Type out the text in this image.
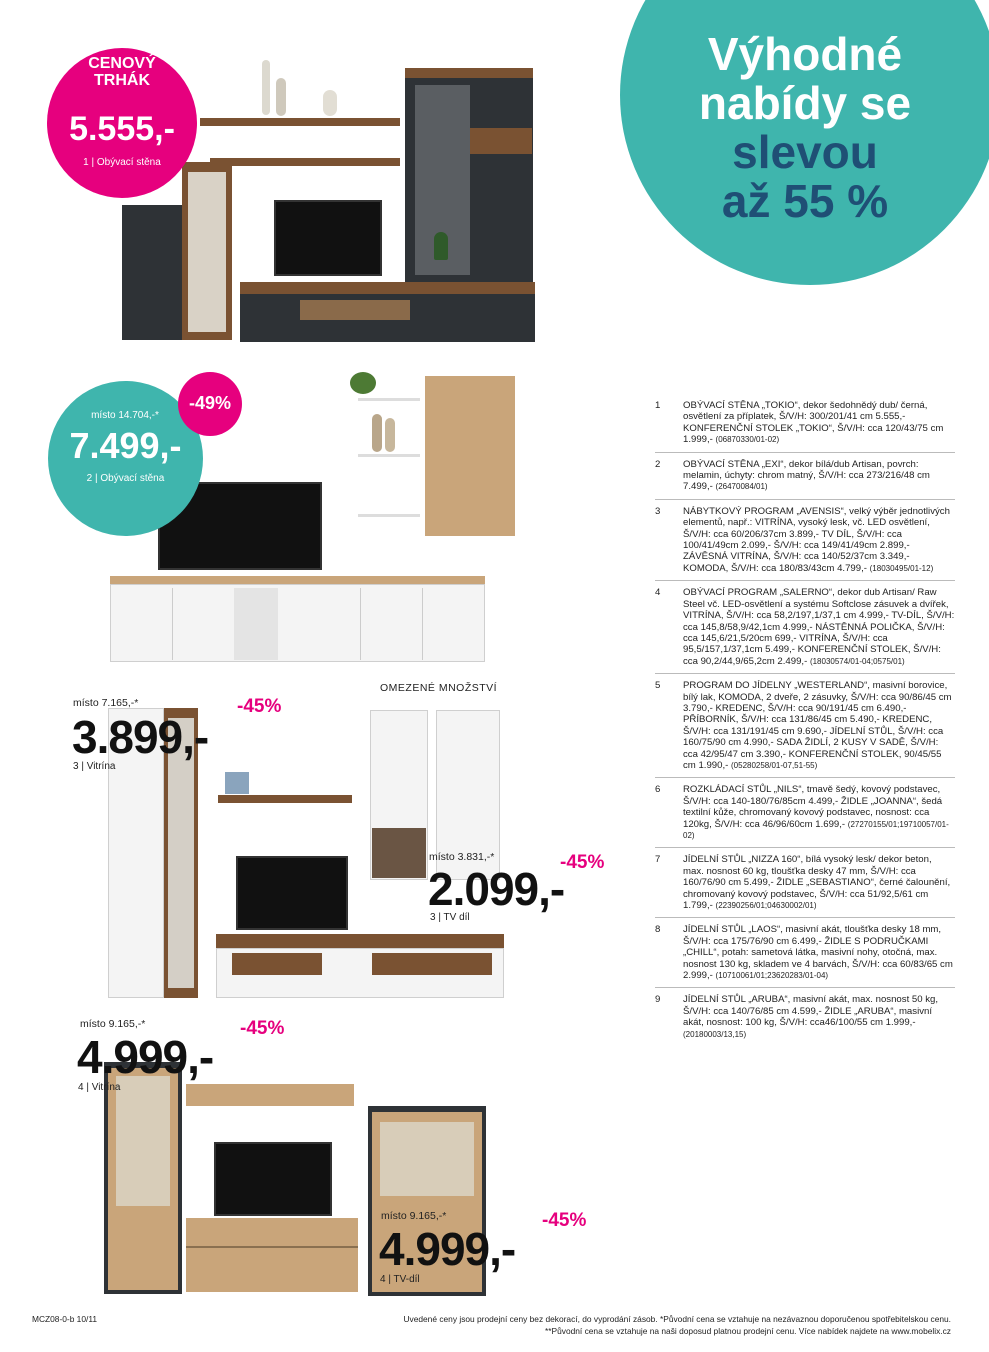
Výhodné
nabídy se
slevou
až 55 %
CENOVÝ
TRHÁK
5.555,-
1 | Obývací stěna
místo 14.704,-*
7.499,-
2 | Obývací stěna
-49%
místo 7.165,-*
3.899,-
3 | Vitrína
-45%
OMEZENÉ MNOŽSTVÍ
místo 3.831,-*
2.099,-
3 | TV díl
-45%
místo 9.165,-*
4.999,-
4 | Vitrína
-45%
místo 9.165,-*
4.999,-
4 | TV-díl
-45%
1 OBÝVACÍ STĚNA „TOKIO“, dekor šedohnědý dub/ černá, osvětlení za příplatek, Š/V/H: 300/201/41 cm 5.555,- KONFERENČNÍ STOLEK „TOKIO“, Š/V/H: cca 120/43/75 cm 1.999,- (06870330/01-02)
2 OBÝVACÍ STĚNA „EXI“, dekor bílá/dub Artisan, povrch: melamin, úchyty: chrom matný, Š/V/H: cca 273/216/48 cm 7.499,- (26470084/01)
3 NÁBYTKOVÝ PROGRAM „AVENSIS“, velký výběr jednotlivých elementů, např.: VITRÍNA, vysoký lesk, vč. LED osvětlení, Š/V/H: cca 60/206/37cm 3.899,- TV DÍL, Š/V/H: cca 100/41/49cm 2.099,- Š/V/H: cca 149/41/49cm 2.899,- ZÁVĚSNÁ VITRÍNA, Š/V/H: cca 140/52/37cm 3.349,- KOMODA, Š/V/H: cca 180/83/43cm 4.799,- (18030495/01-12)
4 OBÝVACÍ PROGRAM „SALERNO“, dekor dub Artisan/ Raw Steel vč. LED-osvětlení a systému Softclose zásuvek a dvířek, VITRÍNA, Š/V/H: cca 58,2/197,1/37,1 cm 4.999,- TV-DÍL, Š/V/H: cca 145,8/58,9/42,1cm 4.999,- NÁSTĚNNÁ POLIČKA, Š/V/H: cca 145,6/21,5/20cm 699,- VITRÍNA, Š/V/H: cca 95,5/157,1/37,1cm 5.499,- KONFERENČNÍ STOLEK, Š/V/H: cca 90,2/44,9/65,2cm 2.499,- (18030574/01-04;0575/01)
5 PROGRAM DO JÍDELNY „WESTERLAND“, masivní borovice, bílý lak, KOMODA, 2 dveře, 2 zásuvky, Š/V/H: cca 90/86/45 cm 3.790,- KREDENC, Š/V/H: cca 90/191/45 cm 6.490,- PŘÍBORNÍK, Š/V/H: cca 131/86/45 cm 5.490,- KREDENC, Š/V/H: cca 131/191/45 cm 9.690,- JÍDELNÍ STŮL, Š/V/H: cca 160/75/90 cm 4.990,- SADA ŽIDLÍ, 2 KUSY V SADĚ, Š/V/H: cca 42/95/47 cm 3.390,- KONFERENČNÍ STOLEK, 90/45/55 cm 1.990,- (05280258/01-07,51-55)
6 ROZKLÁDACÍ STŮL „NILS“, tmavě šedý, kovový podstavec, Š/V/H: cca 140-180/76/85cm 4.499,- ŽIDLE „JOANNA“, šedá textilní kůže, chromovaný kovový podstavec, nosnost: cca 120kg, Š/V/H: cca 46/96/60cm 1.699,- (27270155/01;19710057/01-02)
7 JÍDELNÍ STŮL „NIZZA 160“, bílá vysoký lesk/ dekor beton, max. nosnost 60 kg, tloušťka desky 47 mm, Š/V/H: cca 160/76/90 cm 5.499,- ŽIDLE „SEBASTIANO“, černé čalounění, chromovaný kovový podstavec, Š/V/H: cca 51/92,5/61 cm 1.799,- (22390256/01;04630002/01)
8 JÍDELNÍ STŮL „LAOS“, masivní akát, tloušťka desky 18 mm, Š/V/H: cca 175/76/90 cm 6.499,- ŽIDLE S PODRUČKAMI „CHILL“, potah: sametová látka, masivní nohy, otočná, max. nosnost 130 kg, skladem ve 4 barvách, Š/V/H: cca 60/83/65 cm 2.999,- (10710061/01;23620283/01-04)
9 JÍDELNÍ STŮL „ARUBA“, masivní akát, max. nosnost 50 kg, Š/V/H: cca 140/76/85 cm 4.599,- ŽIDLE „ARUBA“, masivní akát, nosnost: 100 kg, Š/V/H: cca46/100/55 cm 1.999,- (20180003/13,15)
MCZ08-0-b 10/11	Uvedené ceny jsou prodejní ceny bez dekorací, do vyprodání zásob. *Původní cena se vztahuje na nezávaznou doporučenou spotřebitelskou cenu.
**Původní cena se vztahuje na naši doposud platnou prodejní cenu. Více nabídek najdete na www.mobelix.cz
